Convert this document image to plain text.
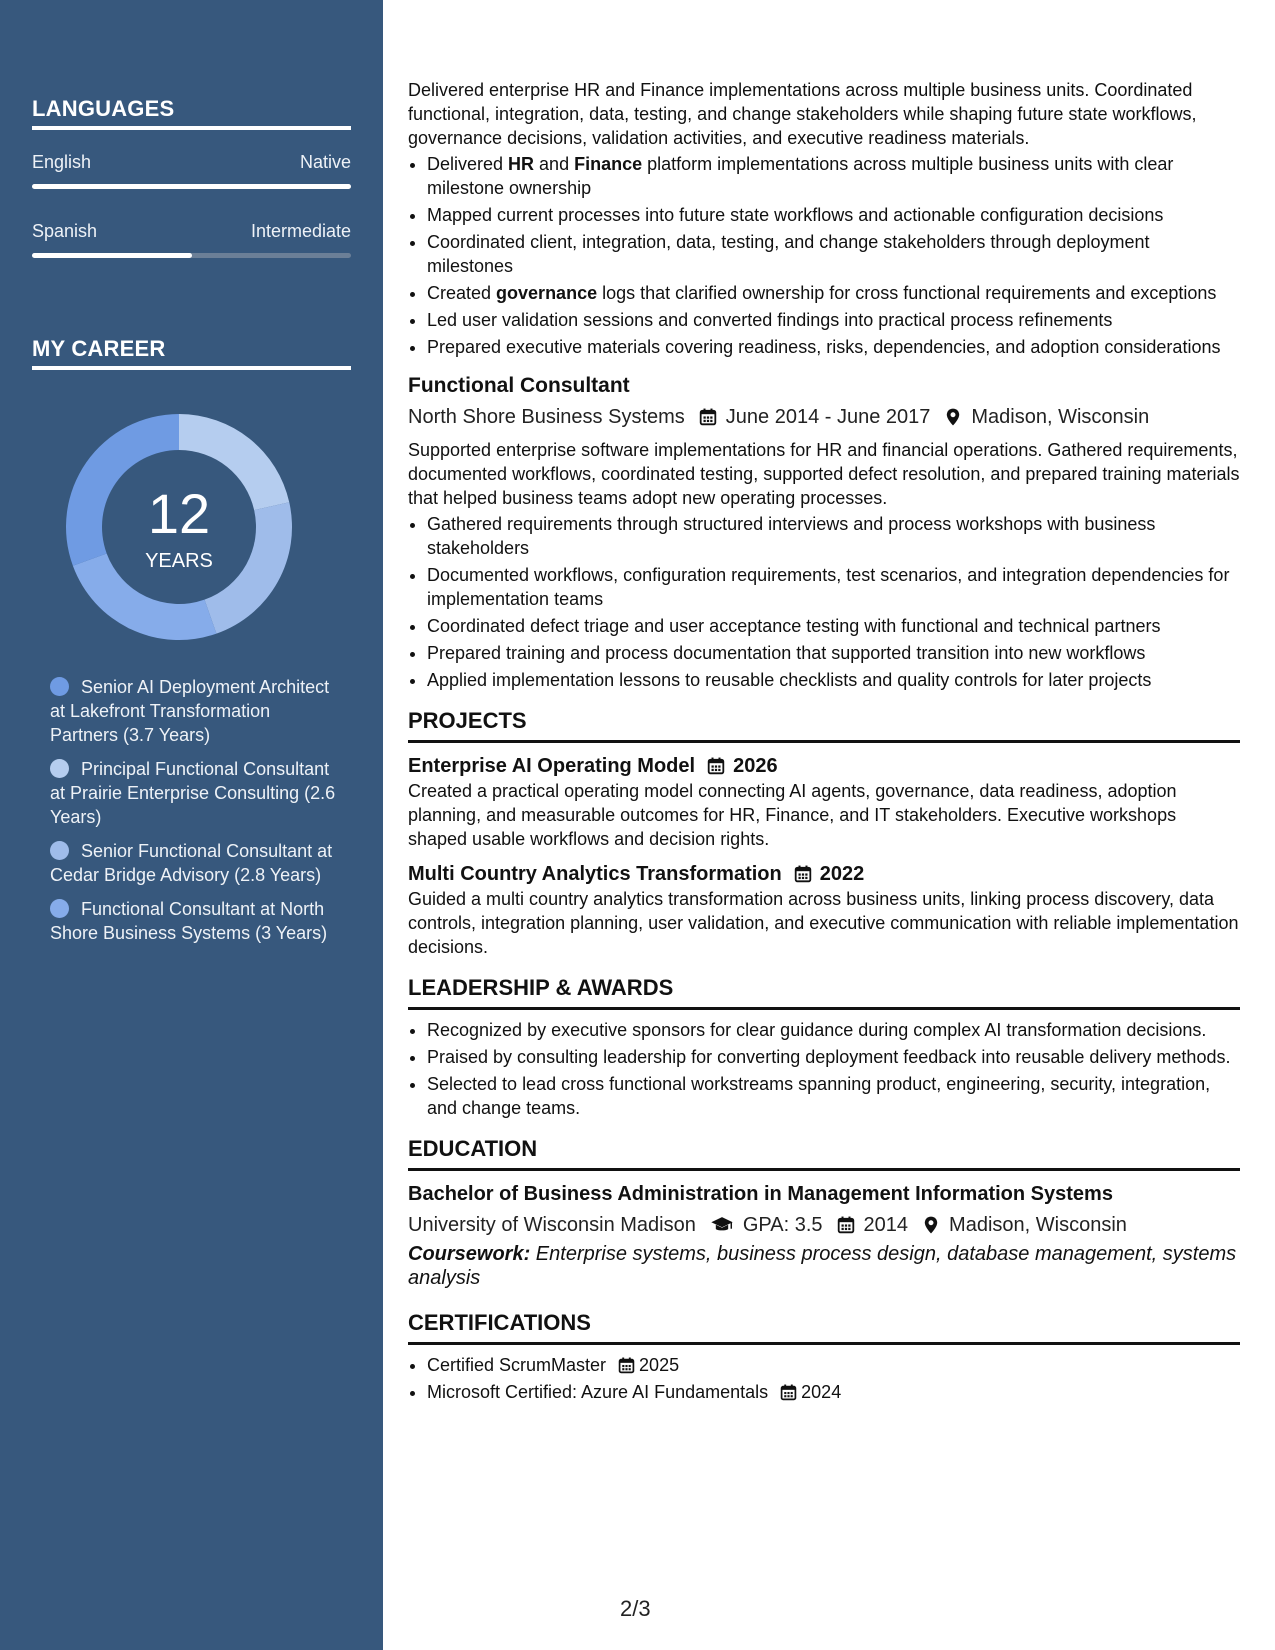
LANGUAGES
English	Native
Spanish	Intermediate
MY CAREER
12
YEARS
Senior AI Deployment Architect at Lakefront Transformation Partners (3.7 Years)
Principal Functional Consultant at Prairie Enterprise Consulting (2.6 Years)
Senior Functional Consultant at Cedar Bridge Advisory (2.8 Years)
Functional Consultant at North Shore Business Systems (3 Years)

Delivered enterprise HR and Finance implementations across multiple business units. Coordinated functional, integration, data, testing, and change stakeholders while shaping future state workflows, governance decisions, validation activities, and executive readiness materials.

• Delivered HR and Finance platform implementations across multiple business units with clear milestone ownership
• Mapped current processes into future state workflows and actionable configuration decisions
• Coordinated client, integration, data, testing, and change stakeholders through deployment milestones
• Created governance logs that clarified ownership for cross functional requirements and exceptions
• Led user validation sessions and converted findings into practical process refinements
• Prepared executive materials covering readiness, risks, dependencies, and adoption considerations
Functional Consultant
North Shore Business Systems June 2014 - June 2017 Madison, Wisconsin

Supported enterprise software implementations for HR and financial operations. Gathered requirements, documented workflows, coordinated testing, supported defect resolution, and prepared training materials that helped business teams adopt new operating processes.

• Gathered requirements through structured interviews and process workshops with business stakeholders
• Documented workflows, configuration requirements, test scenarios, and integration dependencies for implementation teams
• Coordinated defect triage and user acceptance testing with functional and technical partners
• Prepared training and process documentation that supported transition into new workflows
• Applied implementation lessons to reusable checklists and quality controls for later projects
PROJECTS
Enterprise AI Operating Model 2026

Created a practical operating model connecting AI agents, governance, data readiness, adoption planning, and measurable outcomes for HR, Finance, and IT stakeholders. Executive workshops shaped usable workflows and decision rights.

Multi Country Analytics Transformation 2022

Guided a multi country analytics transformation across business units, linking process discovery, data controls, integration planning, user validation, and executive communication with reliable implementation decisions.

LEADERSHIP & AWARDS
• Recognized by executive sponsors for clear guidance during complex AI transformation decisions.
• Praised by consulting leadership for converting deployment feedback into reusable delivery methods.
• Selected to lead cross functional workstreams spanning product, engineering, security, integration, and change teams.
EDUCATION
Bachelor of Business Administration in Management Information Systems
University of Wisconsin Madison GPA: 3.5 2014 Madison, Wisconsin
Coursework: Enterprise systems, business process design, database management, systems analysis
CERTIFICATIONS
• Certified ScrumMaster 2025
• Microsoft Certified: Azure AI Fundamentals 2024
2/3
